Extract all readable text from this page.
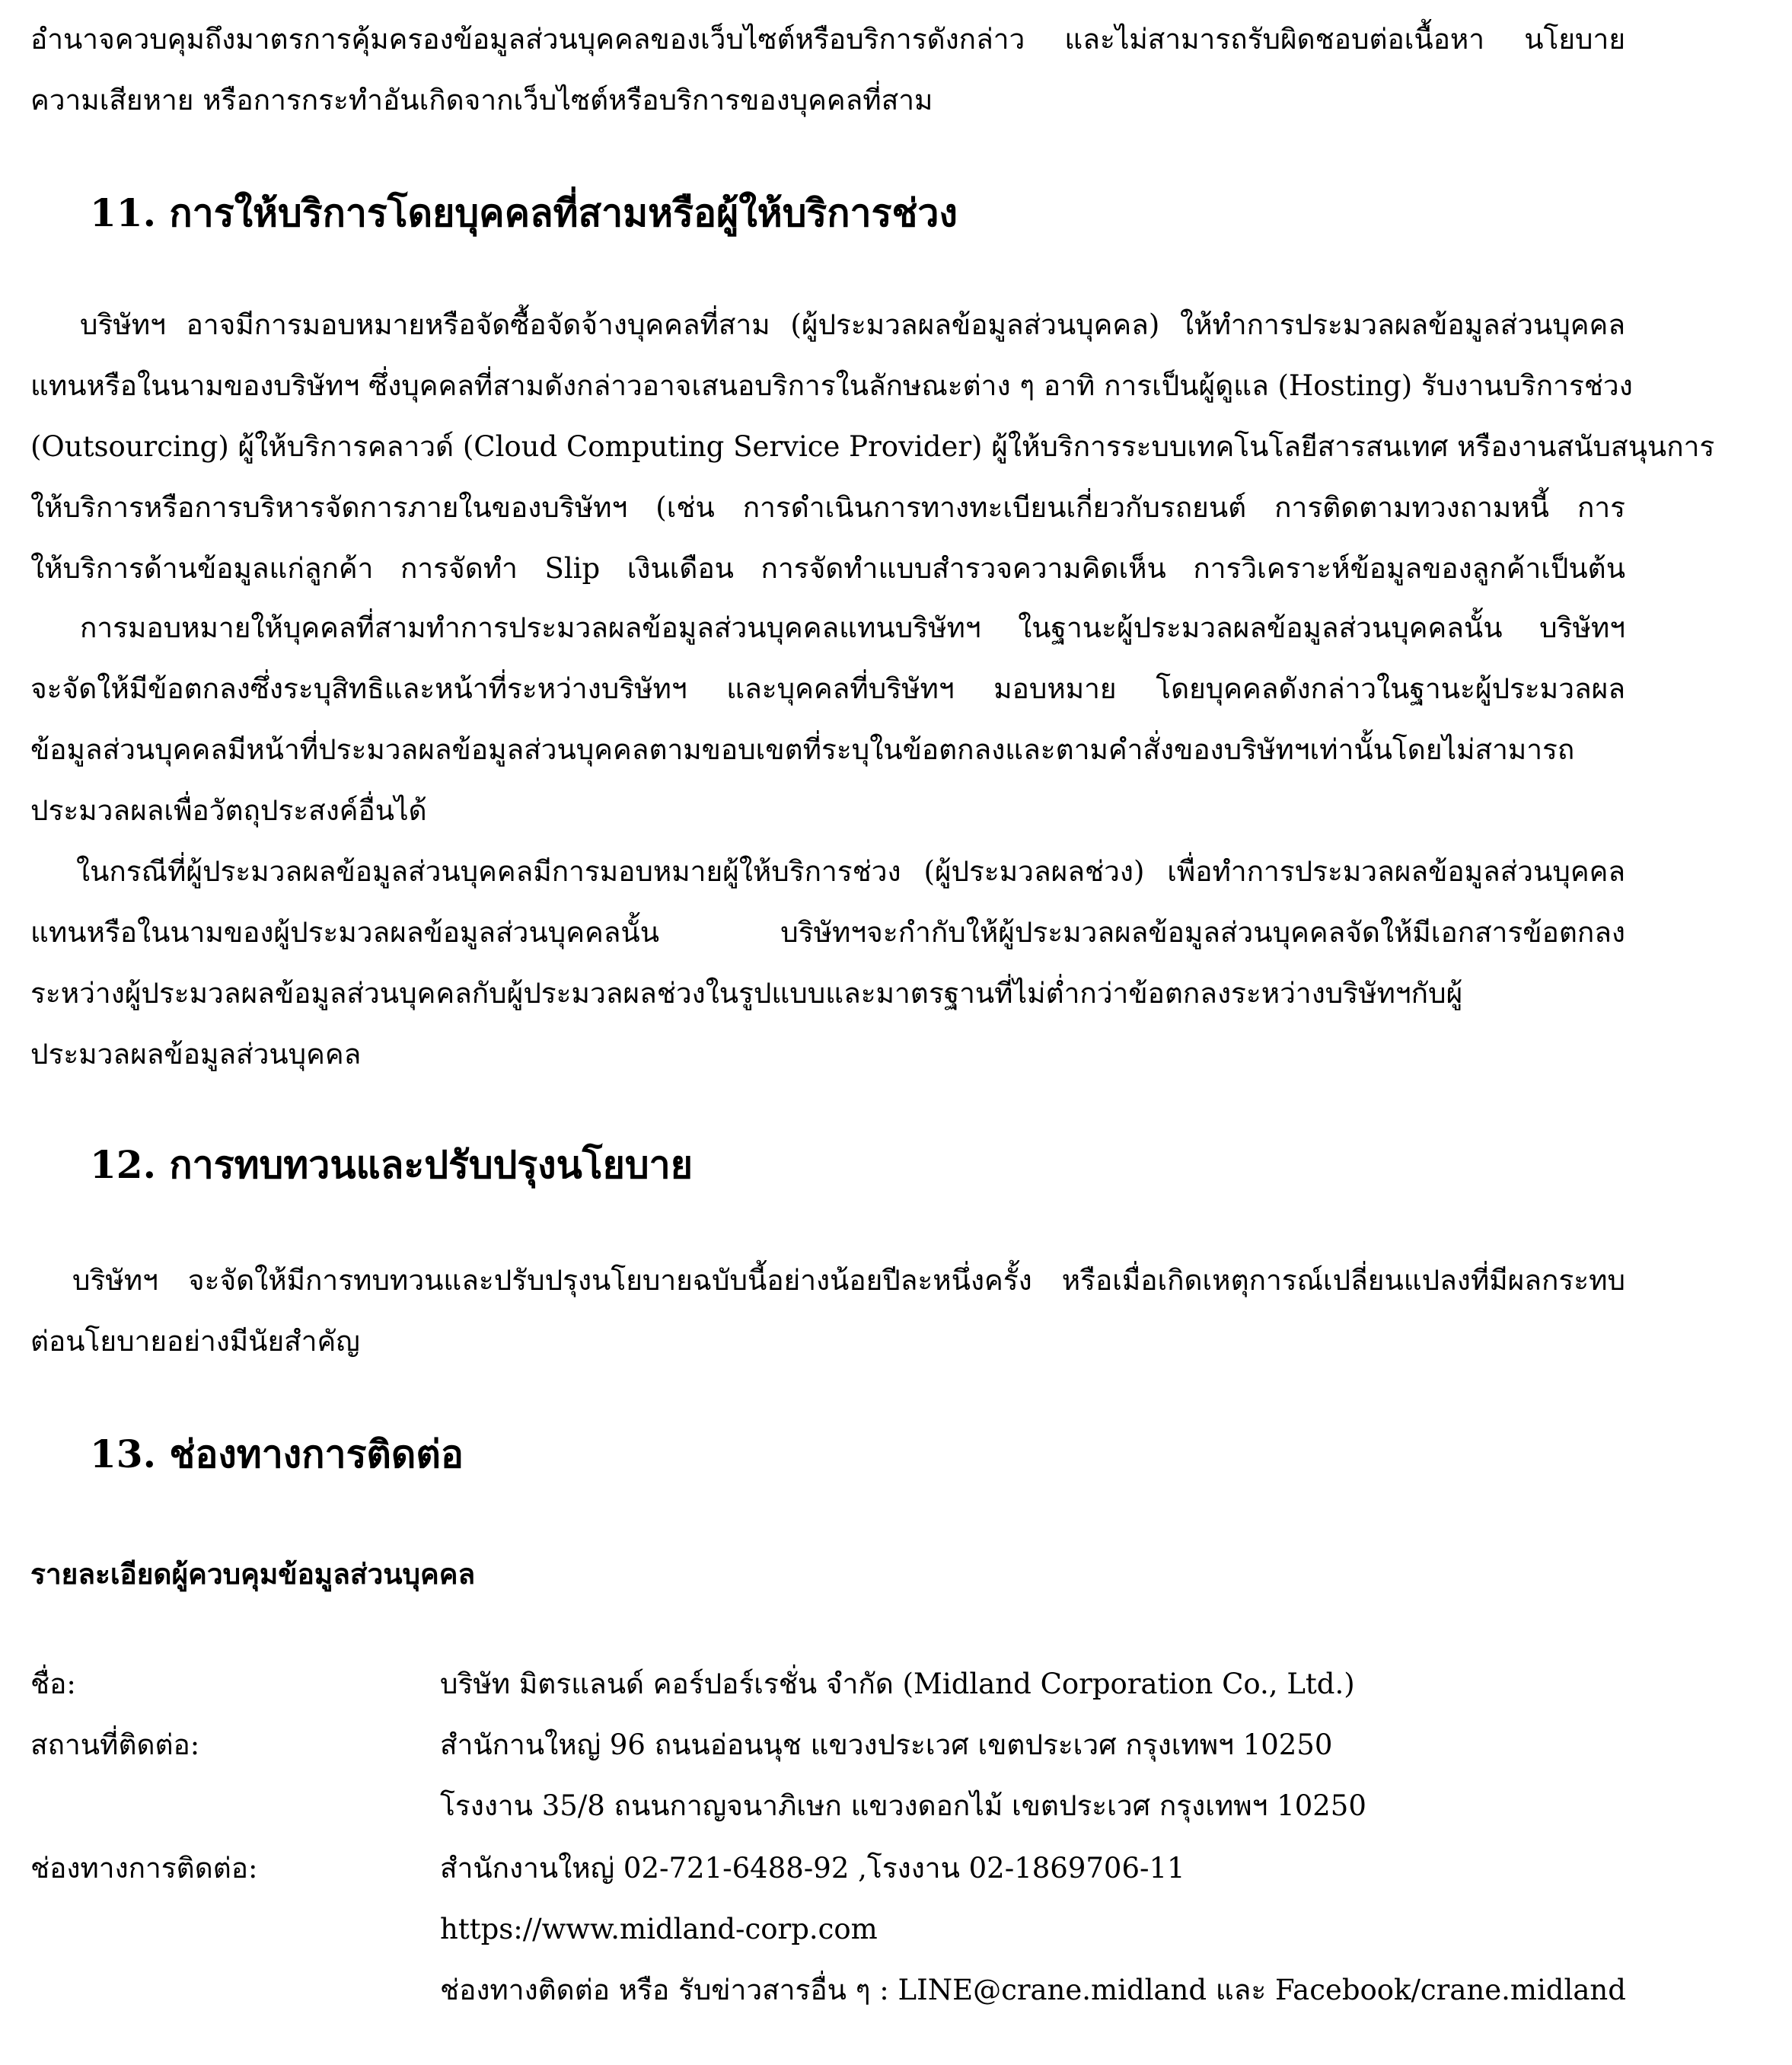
อำนาจควบคุมถึงมาตรการคุ้มครองข้อมูลส่วนบุคคลของเว็บไซต์หรือบริการดังกล่าว และไม่สามารถรับผิดชอบต่อเนื้อหา นโยบาย
ความเสียหาย หรือการกระทำอันเกิดจากเว็บไซต์หรือบริการของบุคคลที่สาม
11. การให้บริการโดยบุคคลที่สามหรือผู้ให้บริการช่วง
บริษัทฯ อาจมีการมอบหมายหรือจัดซื้อจัดจ้างบุคคลที่สาม (ผู้ประมวลผลข้อมูลส่วนบุคคล) ให้ทำการประมวลผลข้อมูลส่วนบุคคล
แทนหรือในนามของบริษัทฯ ซึ่งบุคคลที่สามดังกล่าวอาจเสนอบริการในลักษณะต่าง ๆ อาทิ การเป็นผู้ดูแล (Hosting) รับงานบริการช่วง
(Outsourcing) ผู้ให้บริการคลาวด์ (Cloud Computing Service Provider) ผู้ให้บริการระบบเทคโนโลยีสารสนเทศ หรืองานสนับสนุนการ
ให้บริการหรือการบริหารจัดการภายในของบริษัทฯ (เช่น การดำเนินการทางทะเบียนเกี่ยวกับรถยนต์ การติดตามทวงถามหนี้ การ
ให้บริการด้านข้อมูลแก่ลูกค้า การจัดทำ Slip เงินเดือน การจัดทำแบบสำรวจความคิดเห็น การวิเคราะห์ข้อมูลของลูกค้าเป็นต้น
การมอบหมายให้บุคคลที่สามทำการประมวลผลข้อมูลส่วนบุคคลแทนบริษัทฯ ในฐานะผู้ประมวลผลข้อมูลส่วนบุคคลนั้น บริษัทฯ
จะจัดให้มีข้อตกลงซึ่งระบุสิทธิและหน้าที่ระหว่างบริษัทฯ และบุคคลที่บริษัทฯ มอบหมาย โดยบุคคลดังกล่าวในฐานะผู้ประมวลผล
ข้อมูลส่วนบุคคลมีหน้าที่ประมวลผลข้อมูลส่วนบุคคลตามขอบเขตที่ระบุในข้อตกลงและตามคำสั่งของบริษัทฯเท่านั้นโดยไม่สามารถ
ประมวลผลเพื่อวัตถุประสงค์อื่นได้
ในกรณีที่ผู้ประมวลผลข้อมูลส่วนบุคคลมีการมอบหมายผู้ให้บริการช่วง (ผู้ประมวลผลช่วง) เพื่อทำการประมวลผลข้อมูลส่วนบุคคล
แทนหรือในนามของผู้ประมวลผลข้อมูลส่วนบุคคลนั้น บริษัทฯจะกำกับให้ผู้ประมวลผลข้อมูลส่วนบุคคลจัดให้มีเอกสารข้อตกลง
ระหว่างผู้ประมวลผลข้อมูลส่วนบุคคลกับผู้ประมวลผลช่วงในรูปแบบและมาตรฐานที่ไม่ต่ำกว่าข้อตกลงระหว่างบริษัทฯกับผู้
ประมวลผลข้อมูลส่วนบุคคล
12. การทบทวนและปรับปรุงนโยบาย
บริษัทฯ จะจัดให้มีการทบทวนและปรับปรุงนโยบายฉบับนี้อย่างน้อยปีละหนึ่งครั้ง หรือเมื่อเกิดเหตุการณ์เปลี่ยนแปลงที่มีผลกระทบ
ต่อนโยบายอย่างมีนัยสำคัญ
13. ช่องทางการติดต่อ
รายละเอียดผู้ควบคุมข้อมูลส่วนบุคคล
ชื่อ:	บริษัท มิตรแลนด์ คอร์ปอร์เรชั่น จำกัด (Midland Corporation Co., Ltd.)
สถานที่ติดต่อ:	สำนักานใหญ่ 96 ถนนอ่อนนุช แขวงประเวศ เขตประเวศ กรุงเทพฯ 10250
โรงงาน 35/8 ถนนกาญจนาภิเษก แขวงดอกไม้ เขตประเวศ กรุงเทพฯ 10250
ช่องทางการติดต่อ:	สำนักงานใหญ่ 02-721-6488-92 ,โรงงาน 02-1869706-11
https://www.midland-corp.com
ช่องทางติดต่อ หรือ รับข่าวสารอื่น ๆ : LINE@crane.midland และ Facebook/crane.midland
